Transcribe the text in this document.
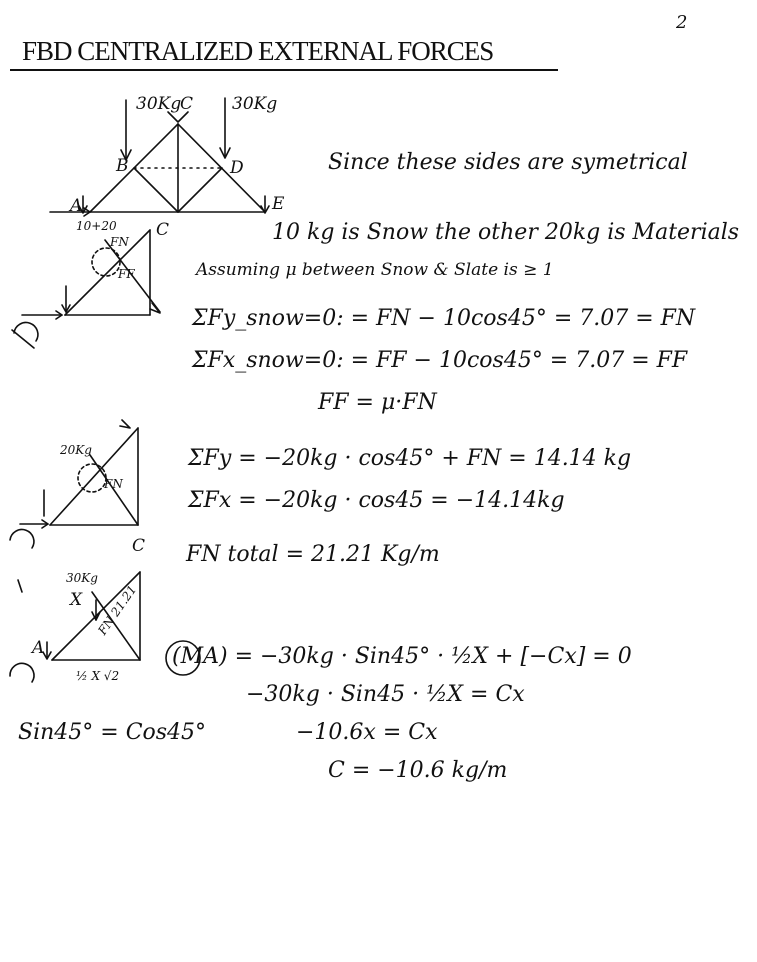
2
FBD CENTRALIZED EXTERNAL FORCES
30Kg	30Kg
A
B
C
D
E
10+20
FN
C
FF
20Kg
FN
C
30Kg
X FN 21.21
A
½ X √2
Since these sides are symetrical
10 kg is Snow the other 20kg is Materials
Assuming μ between Snow & Slate is ≥ 1
ΣFy_snow=0: = FN − 10cos45° = 7.07 = FN
ΣFx_snow=0: = FF − 10cos45° = 7.07 = FF
FF = μ·FN
ΣFy = −20kg · cos45° + FN = 14.14 kg
ΣFx = −20kg · cos45 = −14.14kg
FN total = 21.21 Kg/m
(MA) = −30kg · Sin45° · ½X + [−Cx] = 0
−30kg · Sin45 · ½X = Cx
−10.6x = Cx
C = −10.6 kg/m
Sin45° = Cos45°
